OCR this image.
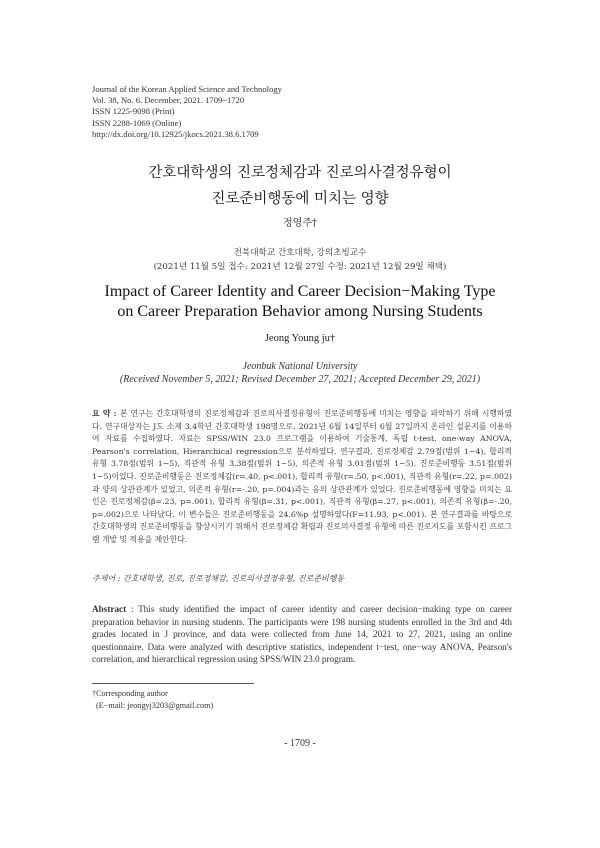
Journal of the Korean Applied Science and Technology
Vol. 38, No. 6. December, 2021. 1709~1720
ISSN 1225-9098 (Print)
ISSN 2288-1069 (Online)
http://dx.doi.org/10.12925/jkocs.2021.38.6.1709
간호대학생의 진로정체감과 진로의사결정유형이
진로준비행동에 미치는 영향
정영주†
전북대학교 간호대학, 강의초빙교수
(2021년 11월 5일 접수: 2021년 12월 27일 수정: 2021년 12월 29일 채택)
Impact of Career Identity and Career Decision−Making Type
on Career Preparation Behavior among Nursing Students
Jeong Young ju†
Jeonbuk National University
(Received November 5, 2021; Revised December 27, 2021; Accepted December 29, 2021)
요 약 : 본 연구는 간호대학생의 진로정체감과 진로의사결정유형이 진로준비행동에 미치는 영향을 파악하기 위해 시행하였다. 연구대상자는 J도 소재 3,4학년 간호대학생 198명으로, 2021년 6월 14일부터 6월 27일까지 온라인 설문지를 이용하여 자료를 수집하였다. 자료는 SPSS/WIN 23.0 프로그램을 이용하여 기술통계, 독립 t-test, one-way ANOVA, Pearson's correlation, Hierarchical regression으로 분석하였다. 연구결과, 진로정체감 2.79점(범위 1~4), 합리적 유형 3.78점(범위 1~5), 직관적 유형 3.38점(범위 1~5), 의존적 유형 3.01점(범위 1~5), 진로준비행동 3.51점(범위 1~5)이었다. 진로준비행동은 진로정체감(r=.40, p<.001), 합리적 유형(r=.50, p<.001), 직관적 유형(r=.22, p=.002)과 양의 상관관계가 있었고, 의존적 유형(r=-.20, p=.004)과는 음의 상관관계가 있었다. 진로준비행동에 영향을 미치는 요인은 진로정체감(β=.23, p=.001), 합리적 유형(β=.31, p<.001), 직관적 유형(β=.27, p<.001), 의존적 유형(β=-.20, p=.002)으로 나타났다. 이 변수들은 진로준비행동을 24.6%p 설명하였다(F=11.93, p<.001). 본 연구결과를 바탕으로 간호대학생의 진로준비행동을 향상시키기 위해서 진로정체감 확립과 진로의사결정 유형에 따른 진로지도를 포함시킨 프로그램 개발 및 적용을 제안한다.
주제어 : 간호대학생, 진로, 진로정체감, 진로의사결정유형, 진로준비행동
Abstract : This study identified the impact of career identity and career decision−making type on career preparation behavior in nursing students. The participants were 198 nursing students enrolled in the 3rd and 4th grades located in J province, and data were collected from June 14, 2021 to 27, 2021, using an online questionnaire. Data were analyzed with descriptive statistics, independent t−test, one−way ANOVA, Pearson's correlation, and hierarchical regression using SPSS/WIN 23.0 program.
†Corresponding author
(E−mail: jeongyj3203@gmail.com)
- 1709 -
